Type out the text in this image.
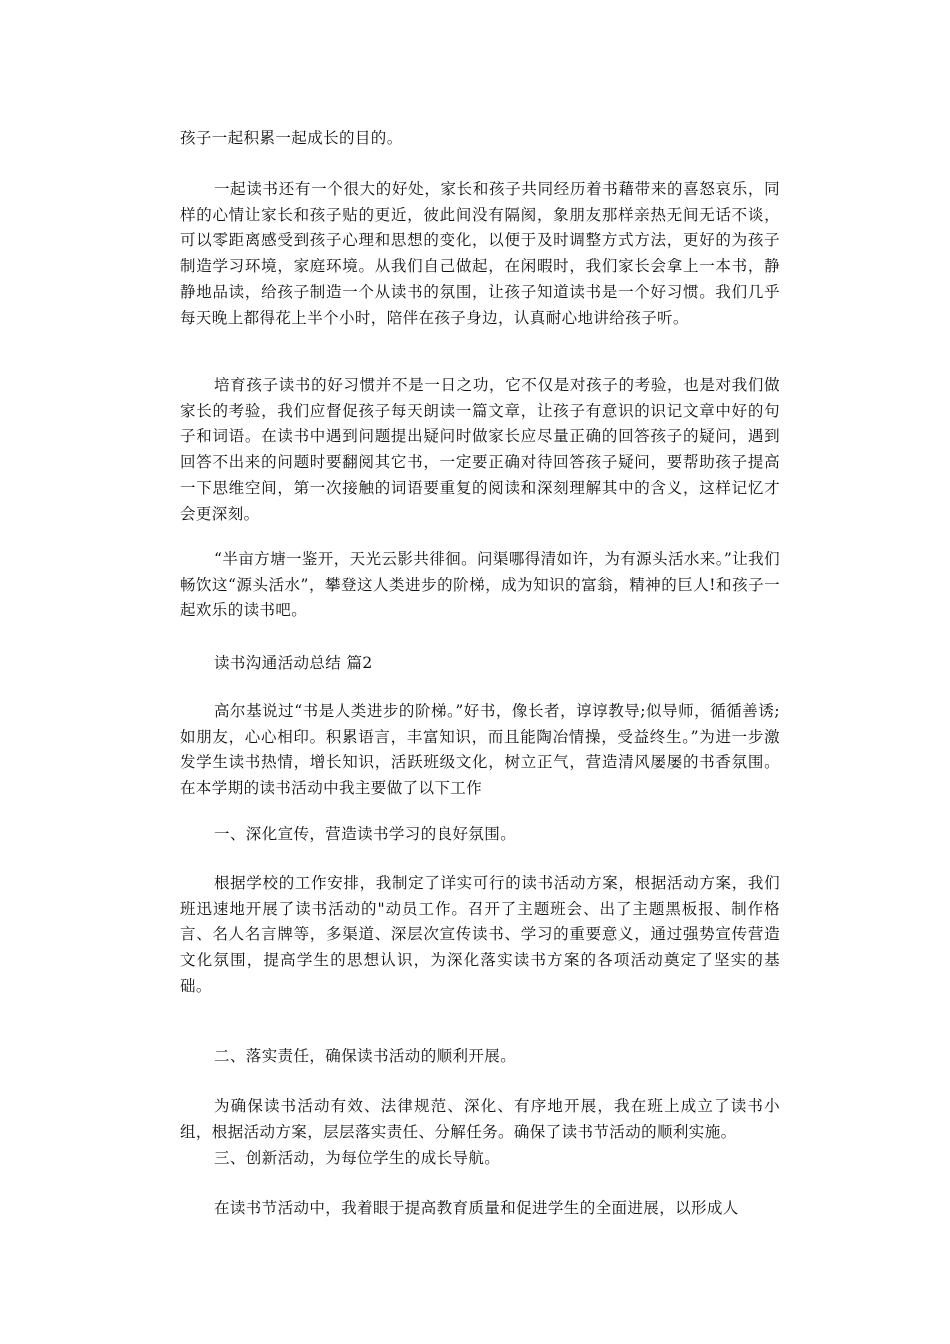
孩子一起积累一起成长的目的。

一起读书还有一个很大的好处，家长和孩子共同经历着书藉带来的喜怒哀乐，同样的心情让家长和孩子贴的更近，彼此间没有隔阂，象朋友那样亲热无间无话不谈，可以零距离感受到孩子心理和思想的变化，以便于及时调整方式方法，更好的为孩子制造学习环境，家庭环境。从我们自己做起，在闲暇时，我们家长会拿上一本书，静静地品读，给孩子制造一个从读书的氛围，让孩子知道读书是一个好习惯。我们几乎每天晚上都得花上半个小时，陪伴在孩子身边，认真耐心地讲给孩子听。

培育孩子读书的好习惯并不是一日之功，它不仅是对孩子的考验，也是对我们做家长的考验，我们应督促孩子每天朗读一篇文章，让孩子有意识的识记文章中好的句子和词语。在读书中遇到问题提出疑问时做家长应尽量正确的回答孩子的疑问，遇到回答不出来的问题时要翻阅其它书，一定要正确对待回答孩子疑问，要帮助孩子提高一下思维空间，第一次接触的词语要重复的阅读和深刻理解其中的含义，这样记忆才会更深刻。

“半亩方塘一鉴开，天光云影共徘徊。问渠哪得清如许，为有源头活水来。”让我们畅饮这“源头活水”，攀登这人类进步的阶梯，成为知识的富翁，精神的巨人!和孩子一起欢乐的读书吧。

读书沟通活动总结 篇2

高尔基说过“书是人类进步的阶梯。”好书，像长者，谆谆教导;似导师，循循善诱;如朋友，心心相印。积累语言，丰富知识，而且能陶冶情操，受益终生。”为进一步激发学生读书热情，增长知识，活跃班级文化，树立正气，营造清风屡屡的书香氛围。在本学期的读书活动中我主要做了以下工作

一、深化宣传，营造读书学习的良好氛围。

根据学校的工作安排，我制定了详实可行的读书活动方案，根据活动方案，我们班迅速地开展了读书活动的"动员工作。召开了主题班会、出了主题黑板报、制作格言、名人名言牌等，多渠道、深层次宣传读书、学习的重要意义，通过强势宣传营造文化氛围，提高学生的思想认识，为深化落实读书方案的各项活动奠定了坚实的基础。

二、落实责任，确保读书活动的顺利开展。

为确保读书活动有效、法律规范、深化、有序地开展，我在班上成立了读书小组，根据活动方案，层层落实责任、分解任务。确保了读书节活动的顺利实施。

三、创新活动，为每位学生的成长导航。

在读书节活动中，我着眼于提高教育质量和促进学生的全面进展，以形成人
